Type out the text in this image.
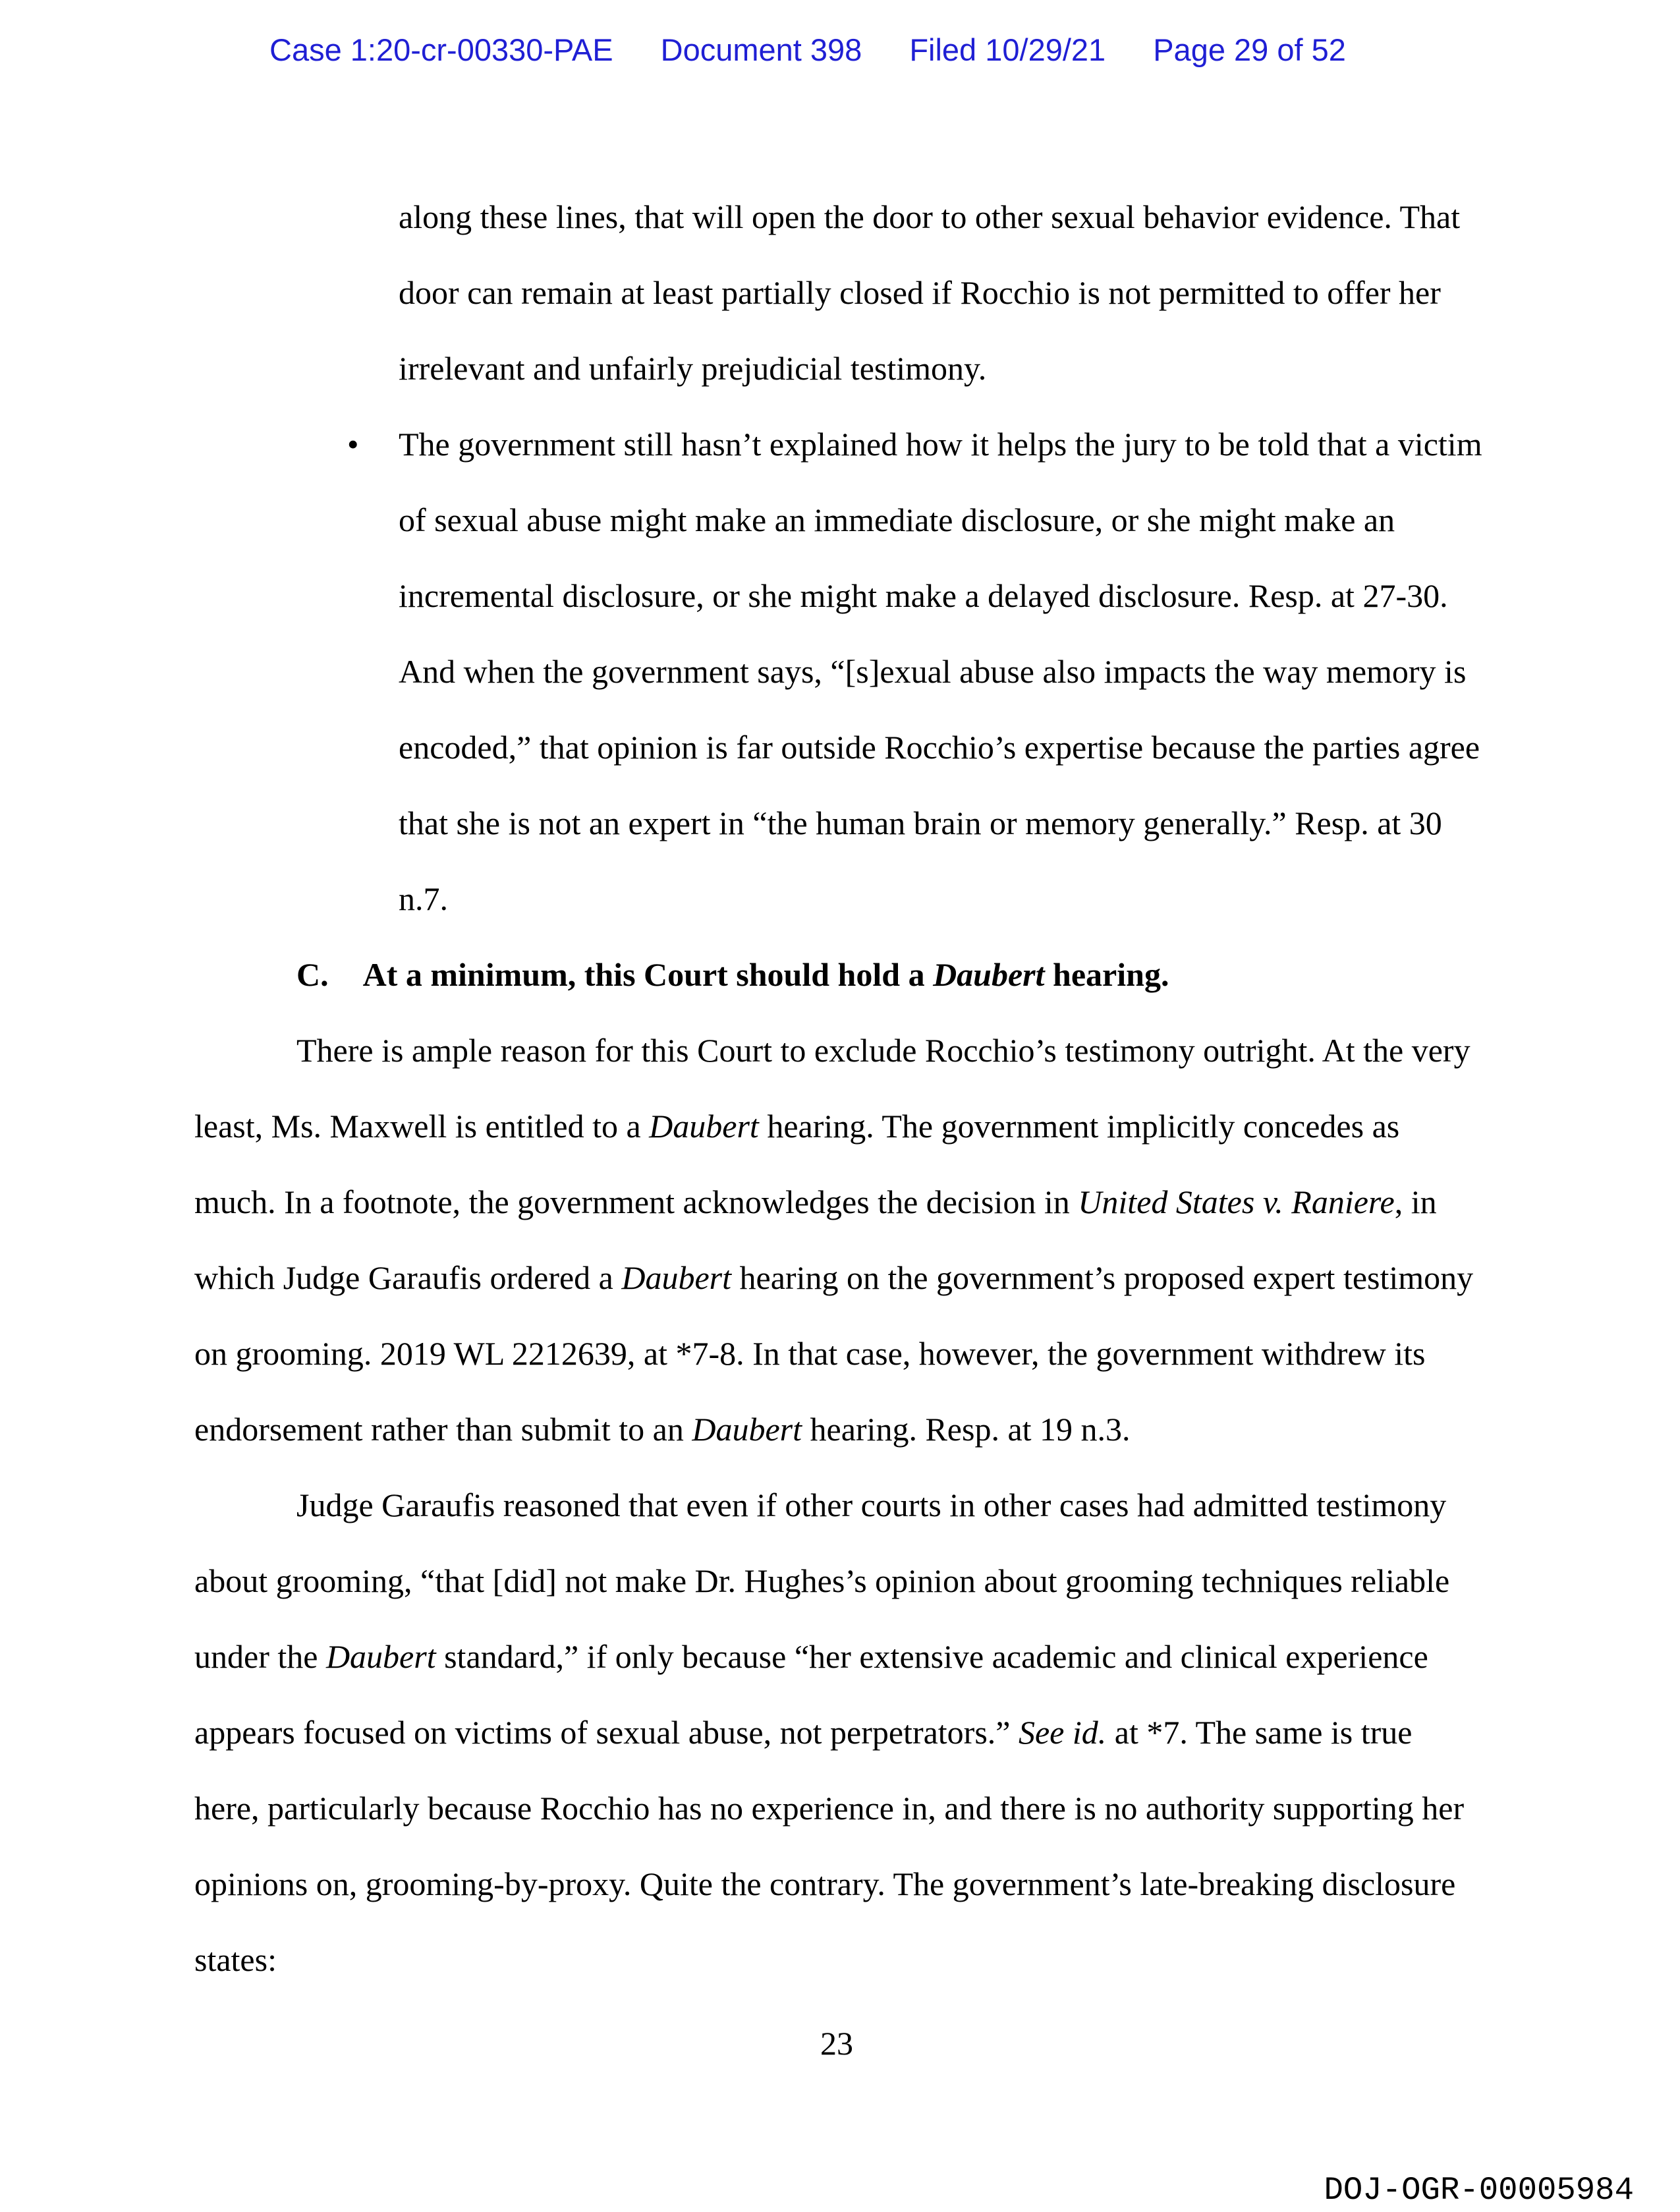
Case 1:20-cr-00330-PAE Document 398 Filed 10/29/21 Page 29 of 52
along these lines, that will open the door to other sexual behavior evidence. That
door can remain at least partially closed if Rocchio is not permitted to offer her
irrelevant and unfairly prejudicial testimony.
• The government still hasn’t explained how it helps the jury to be told that a victim
of sexual abuse might make an immediate disclosure, or she might make an
incremental disclosure, or she might make a delayed disclosure. Resp. at 27-30.
And when the government says, “[s]exual abuse also impacts the way memory is
encoded,” that opinion is far outside Rocchio’s expertise because the parties agree
that she is not an expert in “the human brain or memory generally.” Resp. at 30
n.7.
C. At a minimum, this Court should hold a Daubert hearing.
There is ample reason for this Court to exclude Rocchio’s testimony outright. At the very
least, Ms. Maxwell is entitled to a Daubert hearing. The government implicitly concedes as
much. In a footnote, the government acknowledges the decision in United States v. Raniere, in
which Judge Garaufis ordered a Daubert hearing on the government’s proposed expert testimony
on grooming. 2019 WL 2212639, at *7-8. In that case, however, the government withdrew its
endorsement rather than submit to an Daubert hearing. Resp. at 19 n.3.
Judge Garaufis reasoned that even if other courts in other cases had admitted testimony
about grooming, “that [did] not make Dr. Hughes’s opinion about grooming techniques reliable
under the Daubert standard,” if only because “her extensive academic and clinical experience
appears focused on victims of sexual abuse, not perpetrators.” See id. at *7. The same is true
here, particularly because Rocchio has no experience in, and there is no authority supporting her
opinions on, grooming-by-proxy. Quite the contrary. The government’s late-breaking disclosure
states:
23
DOJ-OGR-00005984
